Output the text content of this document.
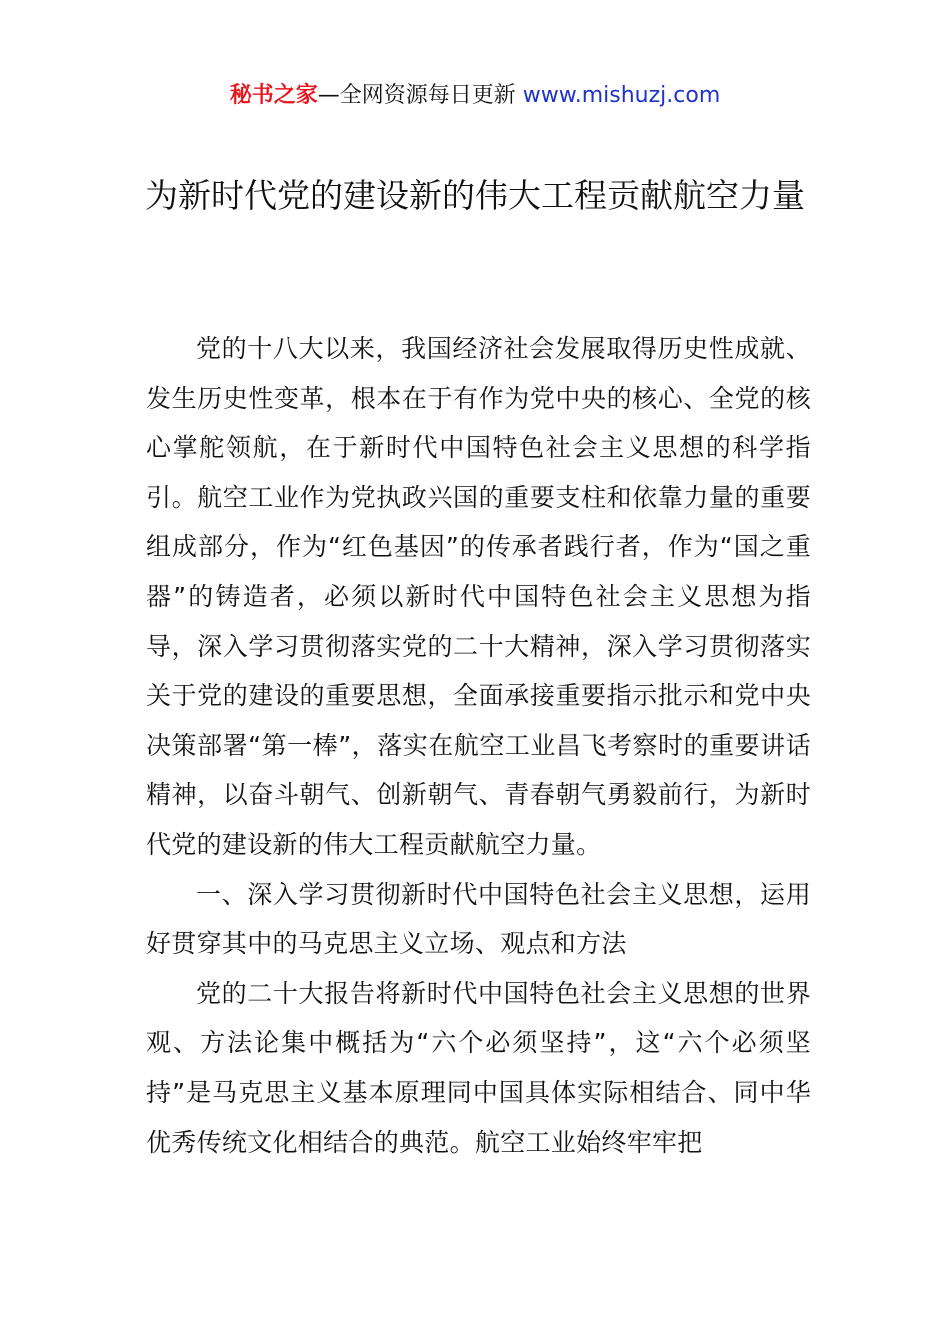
秘书之家—全网资源每日更新 www.mishuzj.com
为新时代党的建设新的伟大工程贡献航空力量

党的十八大以来，我国经济社会发展取得历史性成就、发生历史性变革，根本在于有作为党中央的核心、全党的核心掌舵领航，在于新时代中国特色社会主义思想的科学指引。航空工业作为党执政兴国的重要支柱和依靠力量的重要组成部分，作为“红色基因”的传承者践行者，作为“国之重器”的铸造者，必须以新时代中国特色社会主义思想为指导，深入学习贯彻落实党的二十大精神，深入学习贯彻落实关于党的建设的重要思想，全面承接重要指示批示和党中央决策部署“第一棒”，落实在航空工业昌飞考察时的重要讲话精神，以奋斗朝气、创新朝气、青春朝气勇毅前行，为新时代党的建设新的伟大工程贡献航空力量。

一、深入学习贯彻新时代中国特色社会主义思想，运用好贯穿其中的马克思主义立场、观点和方法

党的二十大报告将新时代中国特色社会主义思想的世界观、方法论集中概括为“六个必须坚持”，这“六个必须坚持”是马克思主义基本原理同中国具体实际相结合、同中华优秀传统文化相结合的典范。航空工业始终牢牢把
